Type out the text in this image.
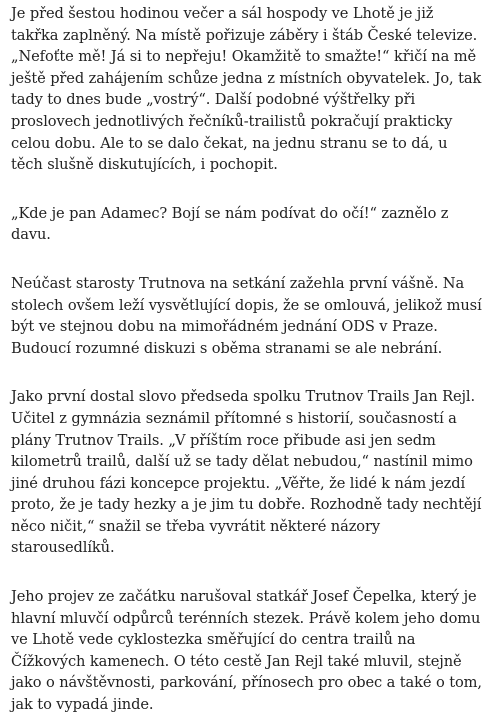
Je před šestou hodinou večer a sál hospody ve Lhotě je již takřka zaplněný. Na místě pořizuje záběry i štáb České televize. „Nefoťte mě! Já si to nepřeju! Okamžitě to smažte!“ křičí na mě ještě před zahájením schůze jedna z místních obyvatelek. Jo, tak tady to dnes bude „vostrý“. Další podobné výštřelky při proslovech jednotlivých řečníků-trailistů pokračují prakticky celou dobu. Ale to se dalo čekat, na jednu stranu se to dá, u těch slušně diskutujících, i pochopit.

„Kde je pan Adamec? Bojí se nám podívat do očí!“ zaznělo z davu.

Neúčast starosty Trutnova na setkání zažehla první vášně. Na stolech ovšem leží vysvětlující dopis, že se omlouvá, jelikož musí být ve stejnou dobu na mimořádném jednání ODS v Praze. Budoucí rozumné diskuzi s oběma stranami se ale nebrání.

Jako první dostal slovo předseda spolku Trutnov Trails Jan Rejl. Učitel z gymnázia seznámil přítomné s historií, současností a plány Trutnov Trails. „V příštím roce přibude asi jen sedm kilometrů trailů, další už se tady dělat nebudou,“ nastínil mimo jiné druhou fázi koncepce projektu. „Věřte, že lidé k nám jezdí proto, že je tady hezky a je jim tu dobře. Rozhodně tady nechtějí něco ničit,“ snažil se třeba vyvrátit některé názory starousedlíků.

Jeho projev ze začátku narušoval statkář Josef Čepelka, který je hlavní mluvčí odpůrců terénních stezek. Právě kolem jeho domu ve Lhotě vede cyklostezka směřující do centra trailů na Čížkových kamenech. O této cestě Jan Rejl také mluvil, stejně jako o návštěvnosti, parkování, přínosech pro obec a také o tom, jak to vypadá jinde.
